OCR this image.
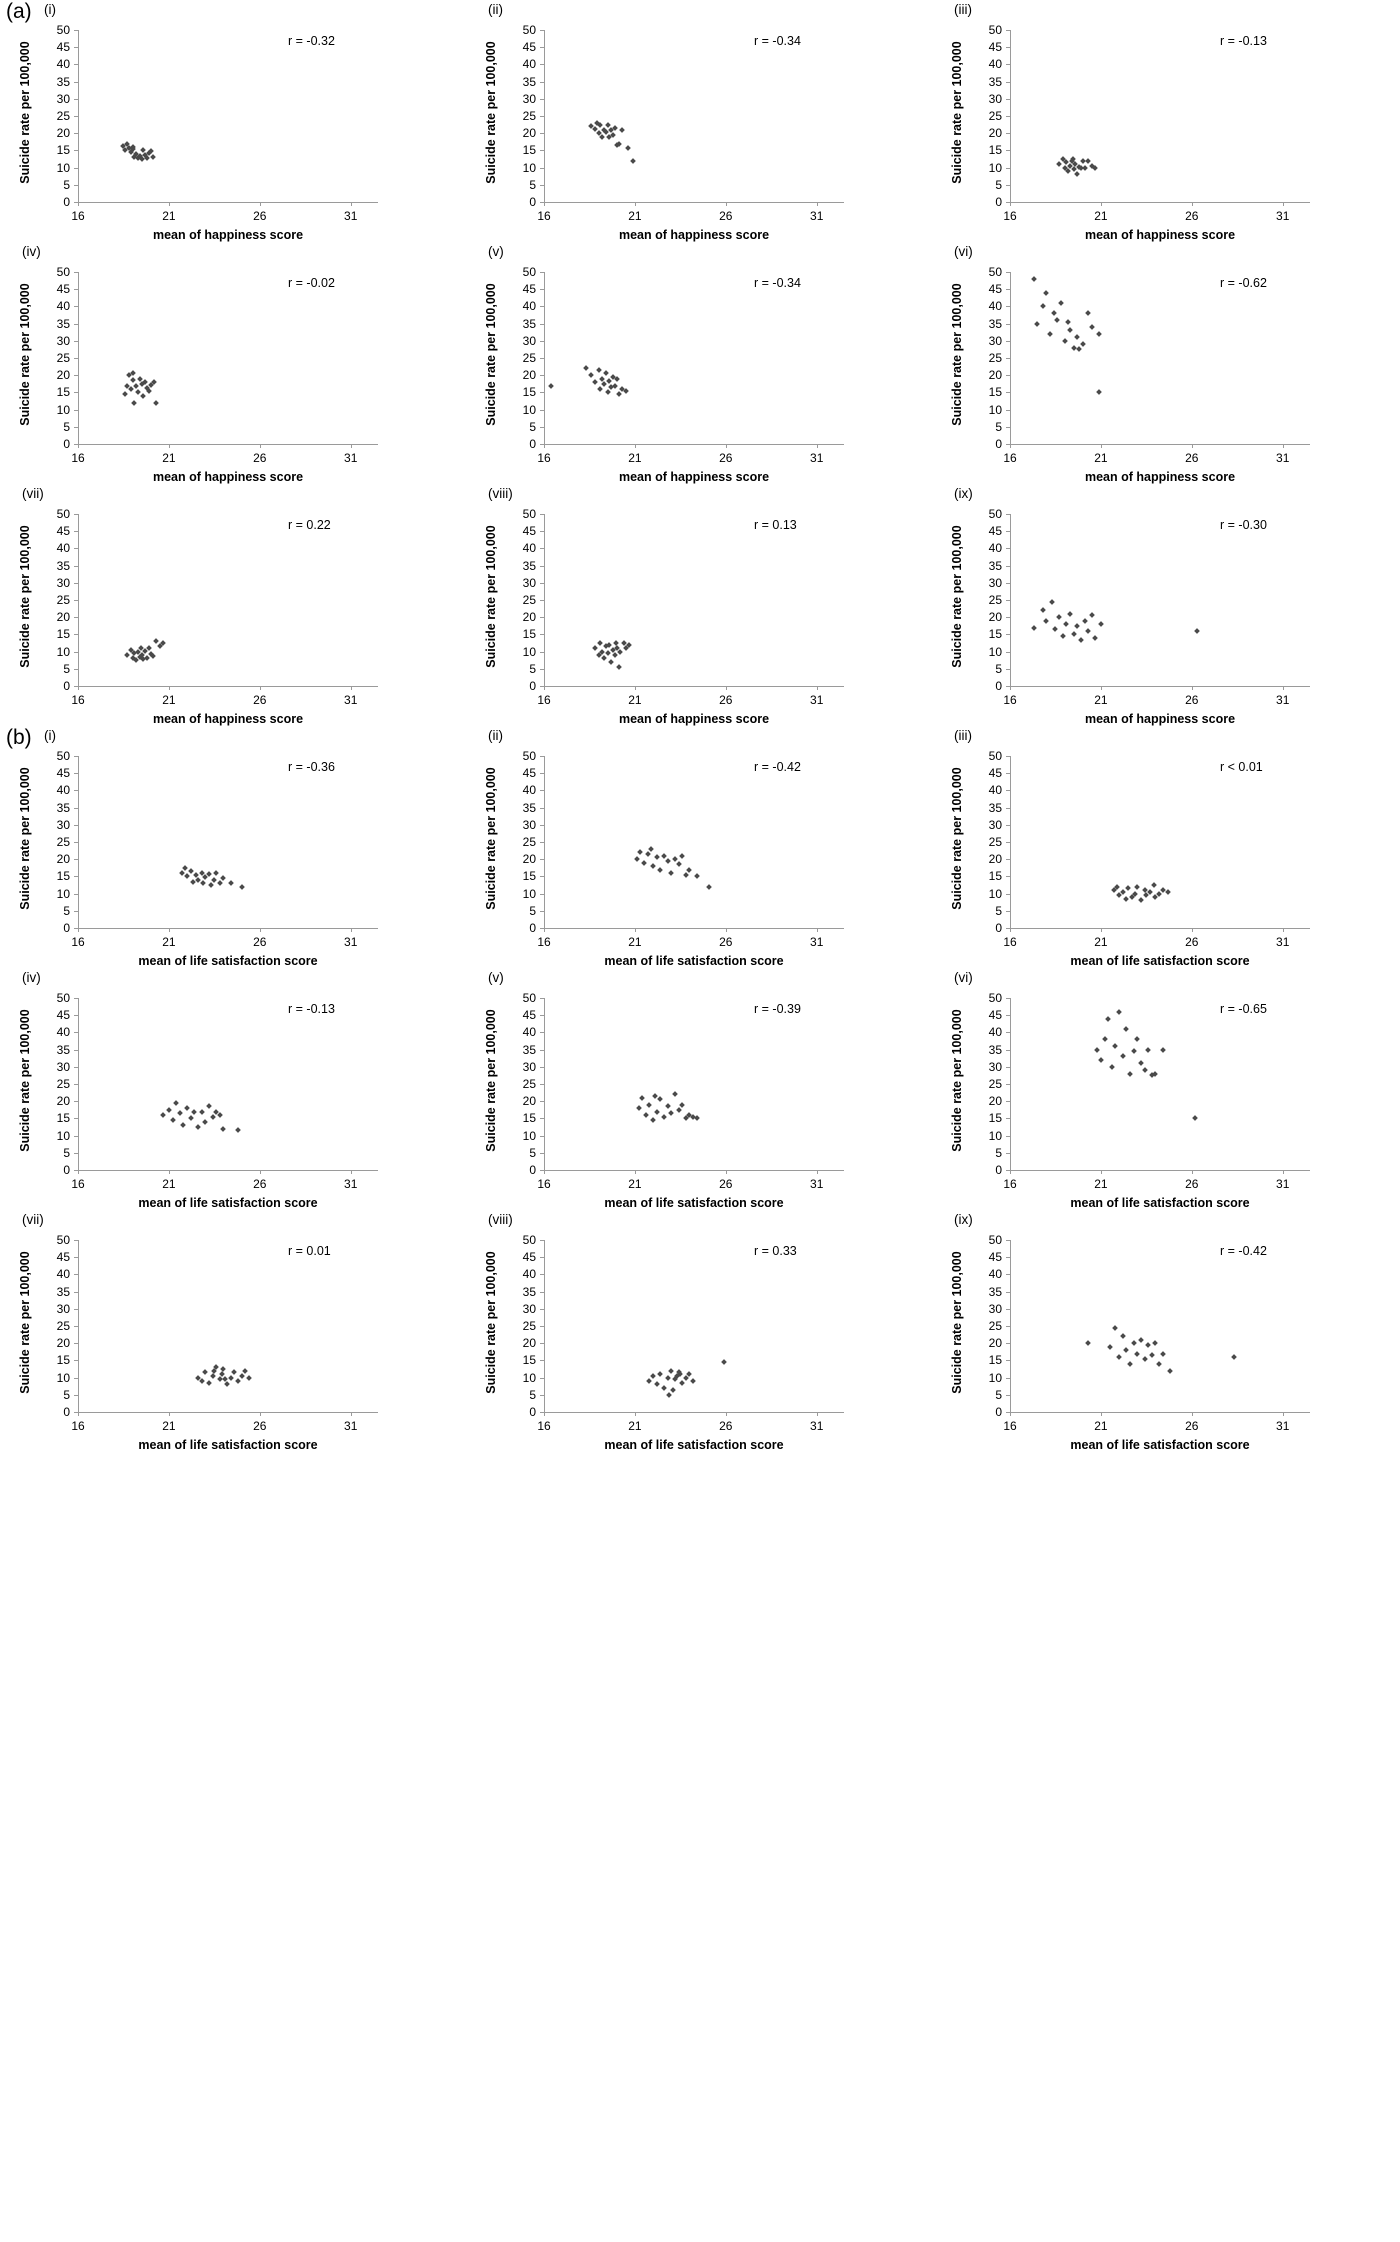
(a) (i)
Suicide rate per 100,000
0
5
10
15
20
25
30
35
40
45
50
16	21	26	31
mean of happiness score
r = -0.32
(ii)
Suicide rate per 100,000
0
5
10
15
20
25
30
35
40
45
50
16	21	26	31
mean of happiness score
r = -0.34
(iii)
Suicide rate per 100,000
0
5
10
15
20
25
30
35
40
45
50
16	21	26	31
mean of happiness score
r = -0.13
(iv)
Suicide rate per 100,000
0
5
10
15
20
25
30
35
40
45
50
16	21	26	31
mean of happiness score
r = -0.02
(v)
Suicide rate per 100,000
0
5
10
15
20
25
30
35
40
45
50
16	21	26	31
mean of happiness score
r = -0.34
(vi)
Suicide rate per 100,000
0
5
10
15
20
25
30
35
40
45
50
16	21	26	31
mean of happiness score
r = -0.62
(vii)
Suicide rate per 100,000
0
5
10
15
20
25
30
35
40
45
50
16	21	26	31
mean of happiness score
r = 0.22
(viii)
Suicide rate per 100,000
0
5
10
15
20
25
30
35
40
45
50
16	21	26	31
mean of happiness score
r = 0.13
(ix)
Suicide rate per 100,000
0
5
10
15
20
25
30
35
40
45
50
16	21	26	31
mean of happiness score
r = -0.30
(b) (i)
Suicide rate per 100,000
0
5
10
15
20
25
30
35
40
45
50
16	21	26	31
mean of life satisfaction score
r = -0.36
(ii)
Suicide rate per 100,000
0
5
10
15
20
25
30
35
40
45
50
16	21	26	31
mean of life satisfaction score
r = -0.42
(iii)
Suicide rate per 100,000
0
5
10
15
20
25
30
35
40
45
50
16	21	26	31
mean of life satisfaction score
r < 0.01
(iv)
Suicide rate per 100,000
0
5
10
15
20
25
30
35
40
45
50
16	21	26	31
mean of life satisfaction score
r = -0.13
(v)
Suicide rate per 100,000
0
5
10
15
20
25
30
35
40
45
50
16	21	26	31
mean of life satisfaction score
r = -0.39
(vi)
Suicide rate per 100,000
0
5
10
15
20
25
30
35
40
45
50
16	21	26	31
mean of life satisfaction score
r = -0.65
(vii)
Suicide rate per 100,000
0
5
10
15
20
25
30
35
40
45
50
16	21	26	31
mean of life satisfaction score
r = 0.01
(viii)
Suicide rate per 100,000
0
5
10
15
20
25
30
35
40
45
50
16	21	26	31
mean of life satisfaction score
r = 0.33
(ix)
Suicide rate per 100,000
0
5
10
15
20
25
30
35
40
45
50
16	21	26	31
mean of life satisfaction score
r = -0.42
